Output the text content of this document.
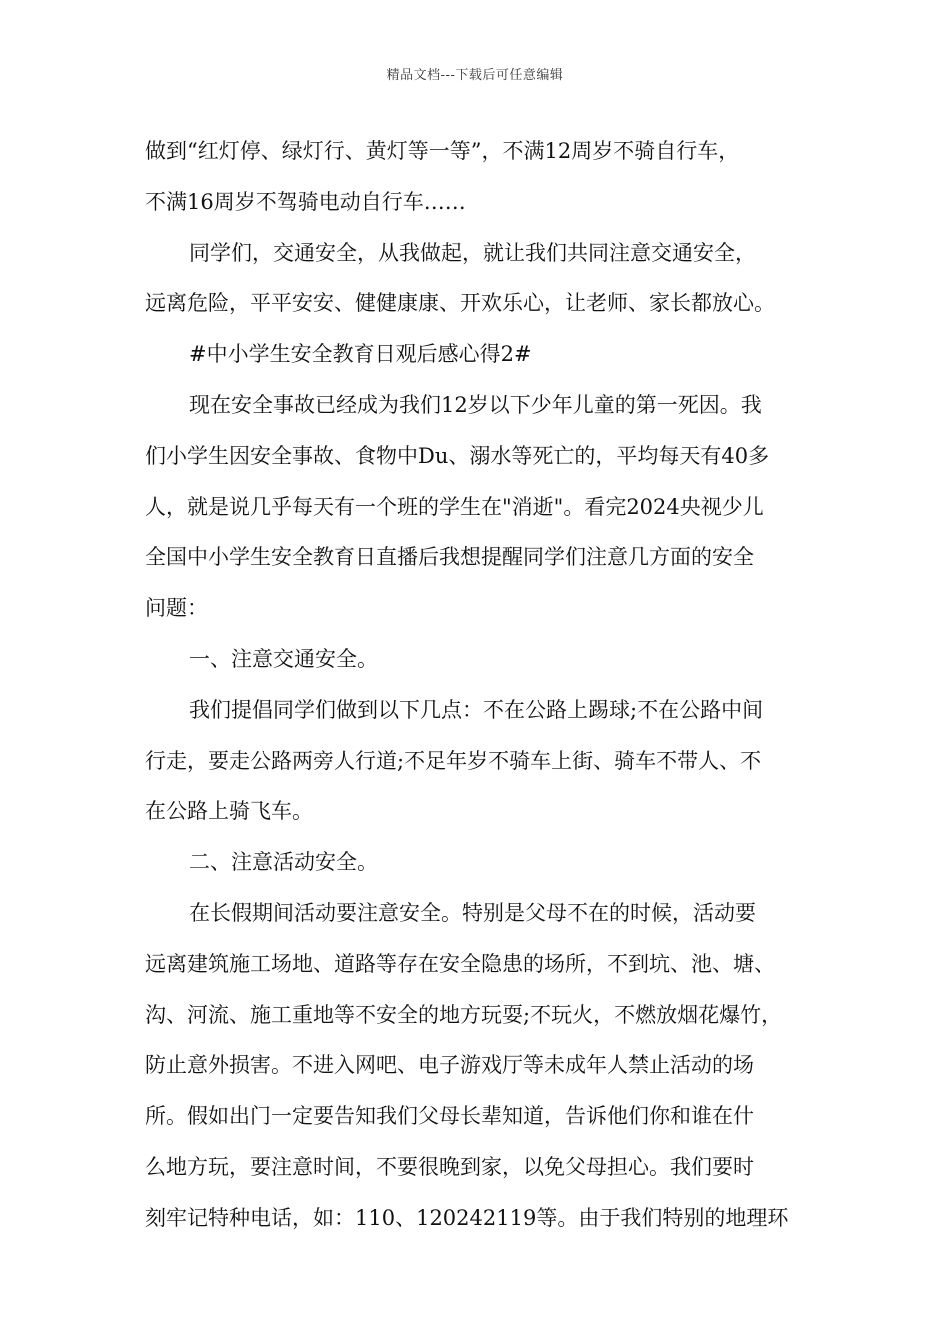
精品文档---下载后可任意编辑
做到“红灯停、绿灯行、黄灯等一等”，不满12周岁不骑自行车，
不满16周岁不驾骑电动自行车……
同学们，交通安全，从我做起，就让我们共同注意交通安全，
远离危险，平平安安、健健康康、开欢乐心，让老师、家长都放心。
#中小学生安全教育日观后感心得2#
现在安全事故已经成为我们12岁以下少年儿童的第一死因。我
们小学生因安全事故、食物中Du、溺水等死亡的，平均每天有40多
人，就是说几乎每天有一个班的学生在"消逝"。看完2024央视少儿
全国中小学生安全教育日直播后我想提醒同学们注意几方面的安全
问题：
一、注意交通安全。
我们提倡同学们做到以下几点：不在公路上踢球;不在公路中间
行走，要走公路两旁人行道;不足年岁不骑车上街、骑车不带人、不
在公路上骑飞车。
二、注意活动安全。
在长假期间活动要注意安全。特别是父母不在的时候，活动要
远离建筑施工场地、道路等存在安全隐患的场所，不到坑、池、塘、
沟、河流、施工重地等不安全的地方玩耍;不玩火，不燃放烟花爆竹，
防止意外损害。不进入网吧、电子游戏厅等未成年人禁止活动的场
所。假如出门一定要告知我们父母长辈知道，告诉他们你和谁在什
么地方玩，要注意时间，不要很晚到家，以免父母担心。我们要时
刻牢记特种电话，如：110、120242119等。由于我们特别的地理环
